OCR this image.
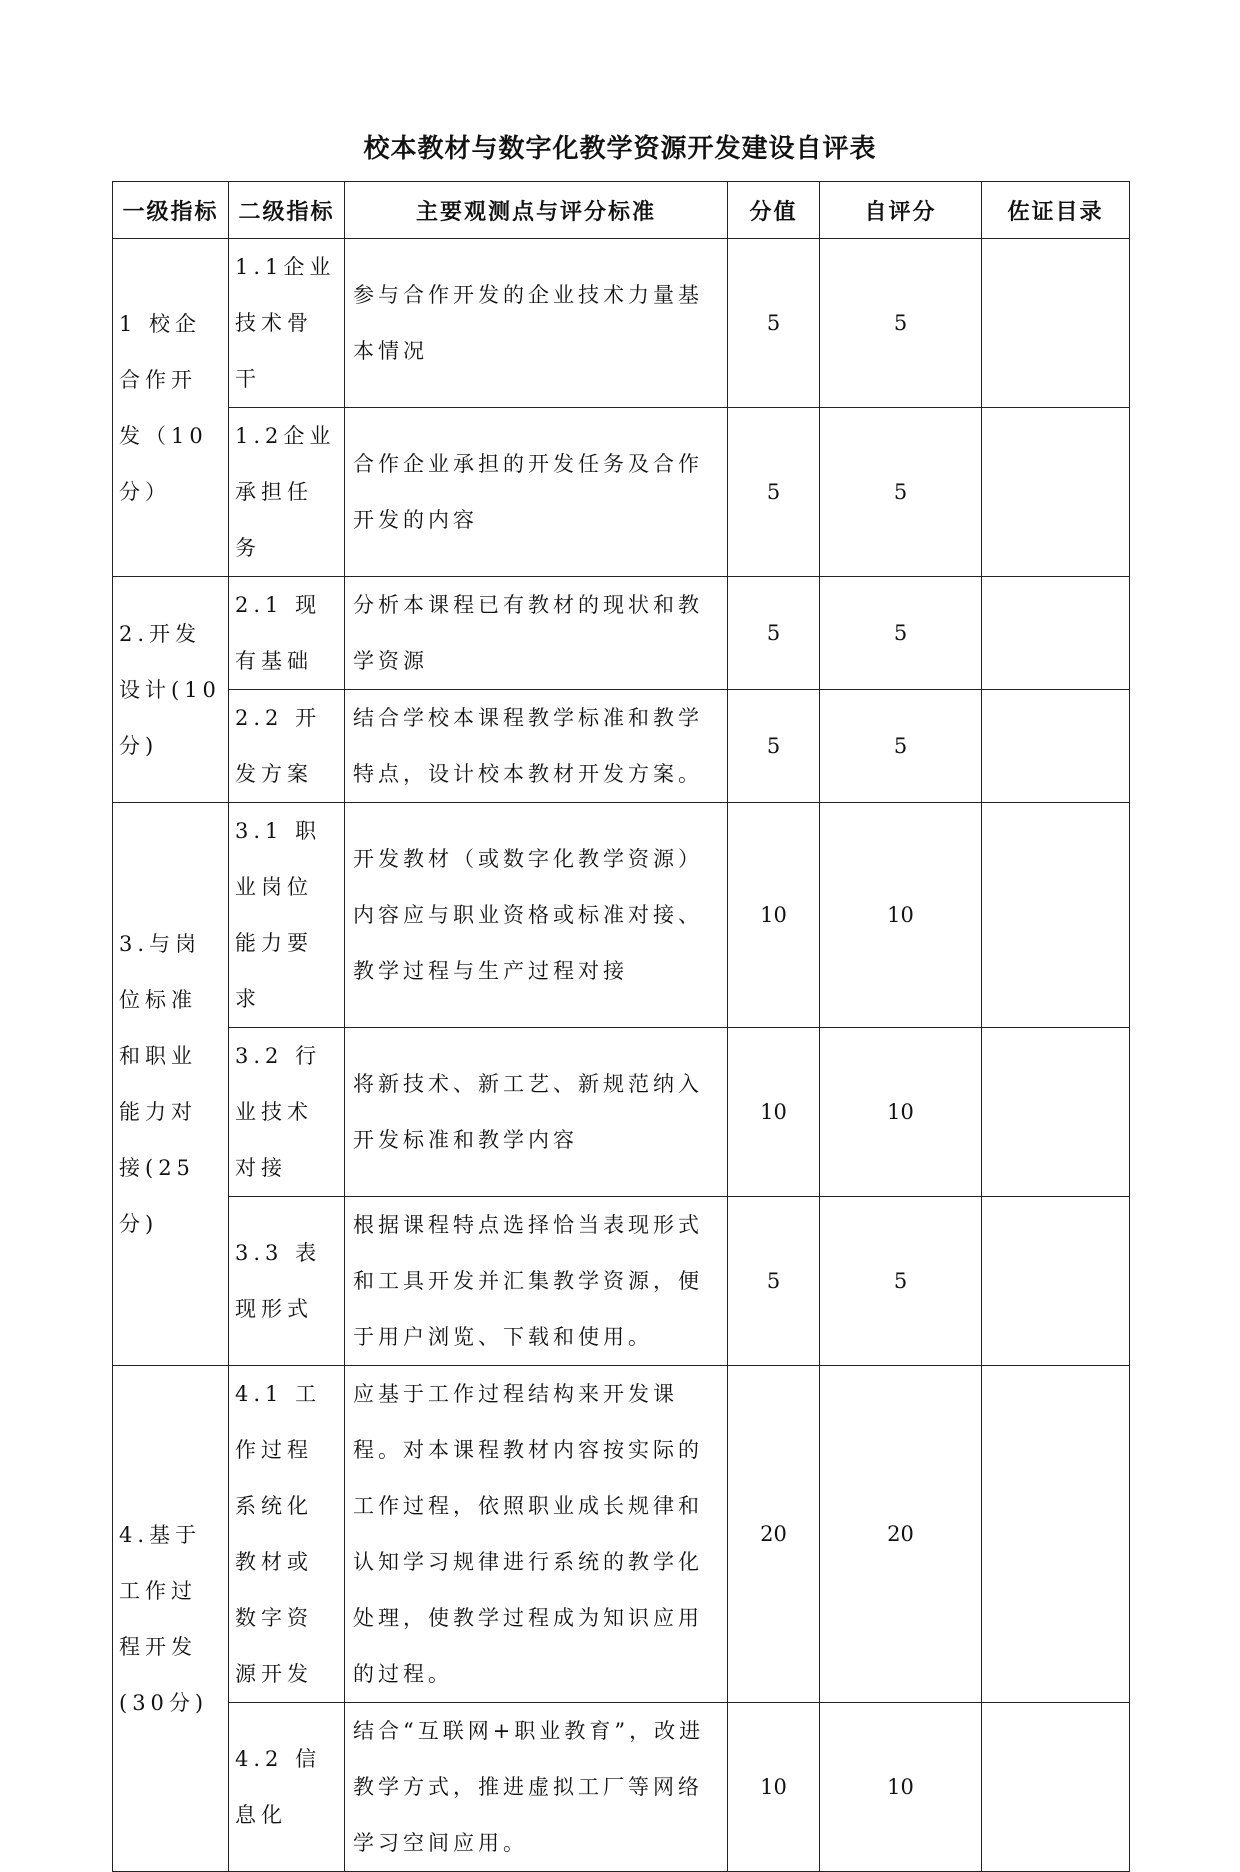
校本教材与数字化教学资源开发建设自评表
一级指标	二级指标	主要观测点与评分标准	分值	自评分	佐证目录
1 校企合作开发（10分）	1.1企业技术骨干	参与合作开发的企业技术力量基本情况	5	5	
	1.2企业承担任务	合作企业承担的开发任务及合作开发的内容	5	5	
2.开发设计(10分)	2.1 现有基础	分析本课程已有教材的现状和教学资源	5	5	
	2.2 开发方案	结合学校本课程教学标准和教学特点，设计校本教材开发方案。	5	5	
3.与岗位标准和职业能力对接(25分)	3.1 职业岗位能力要求	开发教材（或数字化教学资源）内容应与职业资格或标准对接、教学过程与生产过程对接	10	10	
	3.2 行业技术对接	将新技术、新工艺、新规范纳入开发标准和教学内容	10	10	
	3.3 表现形式	根据课程特点选择恰当表现形式和工具开发并汇集教学资源，便于用户浏览、下载和使用。	5	5	
4.基于工作过程开发(30分)	4.1 工作过程系统化教材或数字资源开发	应基于工作过程结构来开发课程。对本课程教材内容按实际的工作过程，依照职业成长规律和认知学习规律进行系统的教学化处理，使教学过程成为知识应用的过程。	20	20	
	4.2 信息化	结合“互联网+职业教育”，改进教学方式，推进虚拟工厂等网络学习空间应用。	10	10	
